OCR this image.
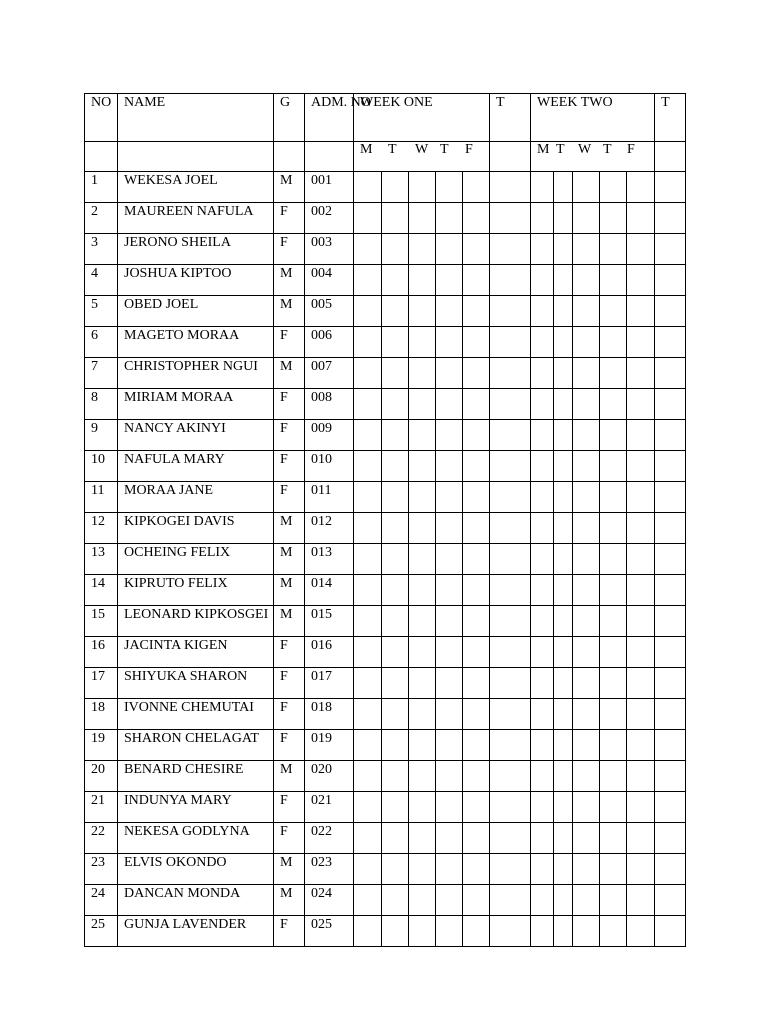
NO	NAME	G	ADM. NO	WEEK ONE					T	WEEK TWO					T
				M T W T F						M T W T F					
1	WEKESA JOEL	M	001												
2	MAUREEN NAFULA	F	002												
3	JERONO SHEILA	F	003												
4	JOSHUA KIPTOO	M	004												
5	OBED JOEL	M	005												
6	MAGETO MORAA	F	006												
7	CHRISTOPHER NGUI	M	007												
8	MIRIAM MORAA	F	008												
9	NANCY AKINYI	F	009												
10	NAFULA MARY	F	010												
11	MORAA JANE	F	011												
12	KIPKOGEI DAVIS	M	012												
13	OCHEING FELIX	M	013												
14	KIPRUTO FELIX	M	014												
15	LEONARD KIPKOSGEI	M	015												
16	JACINTA KIGEN	F	016												
17	SHIYUKA SHARON	F	017												
18	IVONNE CHEMUTAI	F	018												
19	SHARON CHELAGAT	F	019												
20	BENARD CHESIRE	M	020												
21	INDUNYA MARY	F	021												
22	NEKESA GODLYNA	F	022												
23	ELVIS OKONDO	M	023												
24	DANCAN MONDA	M	024												
25	GUNJA LAVENDER	F	025												
